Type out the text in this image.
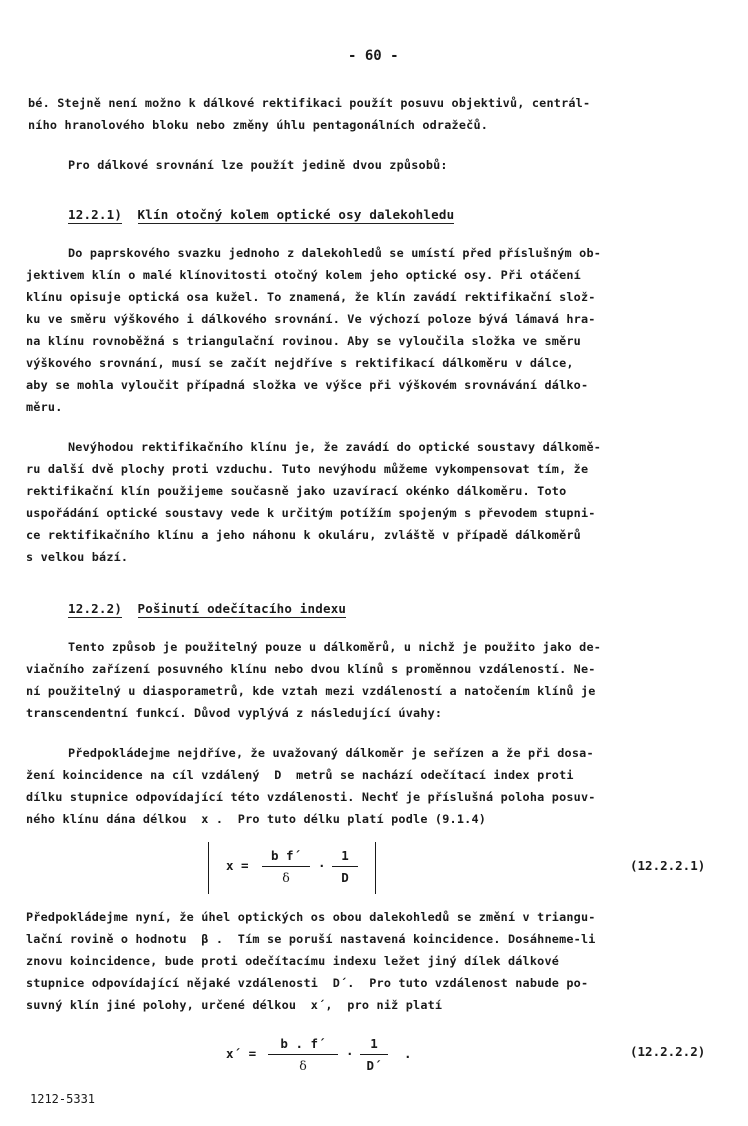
- 60 -
bé. Stejně není možno k dálkové rektifikaci použít posuvu objektivů, centrál-
ního hranolového bloku nebo změny úhlu pentagonálních odražečů.
Pro dálkové srovnání lze použít jedině dvou způsobů:
12.2.1) Klín otočný kolem optické osy dalekohledu
Do paprskového svazku jednoho z dalekohledů se umístí před příslušným ob-
jektivem klín o malé klínovitosti otočný kolem jeho optické osy. Při otáčení
klínu opisuje optická osa kužel. To znamená, že klín zavádí rektifikační slož-
ku ve směru výškového i dálkového srovnání. Ve výchozí poloze bývá lámavá hra-
na klínu rovnoběžná s triangulační rovinou. Aby se vyloučila složka ve směru
výškového srovnání, musí se začít nejdříve s rektifikací dálkoměru v dálce,
aby se mohla vyloučit případná složka ve výšce při výškovém srovnávání dálko-
měru.
Nevýhodou rektifikačního klínu je, že zavádí do optické soustavy dálkomě-
ru další dvě plochy proti vzduchu. Tuto nevýhodu můžeme vykompensovat tím, že
rektifikační klín použijeme současně jako uzavírací okénko dálkoměru. Toto
uspořádání optické soustavy vede k určitým potížím spojeným s převodem stupni-
ce rektifikačního klínu a jeho náhonu k okuláru, zvláště v případě dálkoměrů
s velkou bází.
12.2.2) Pošinutí odečítacího indexu
Tento způsob je použitelný pouze u dálkoměrů, u nichž je použito jako de-
viačního zařízení posuvného klínu nebo dvou klínů s proměnnou vzdáleností. Ne-
ní použitelný u diasporametrů, kde vztah mezi vzdáleností a natočením klínů je
transcendentní funkcí. Důvod vyplývá z následující úvahy:
Předpokládejme nejdříve, že uvažovaný dálkoměr je seřízen a že při dosa-
žení koincidence na cíl vzdálený  D  metrů se nachází odečítací index proti
dílku stupnice odpovídající této vzdálenosti. Nechť je příslušná poloha posuv-
ného klínu dána délkou  x .  Pro tuto délku platí podle (9.1.4)
x =
b f´
δ
·
1
D
(12.2.2.1)
Předpokládejme nyní, že úhel optických os obou dalekohledů se změní v triangu-
lační rovině o hodnotu  β .  Tím se poruší nastavená koincidence. Dosáhneme-li
znovu koincidence, bude proti odečítacímu indexu ležet jiný dílek dálkové
stupnice odpovídající nějaké vzdálenosti  D´.  Pro tuto vzdálenost nabude po-
suvný klín jiné polohy, určené délkou  x´,  pro niž platí
x´ =
b . f´
δ
·
1
D´
.	(12.2.2.2)
1212-5331
